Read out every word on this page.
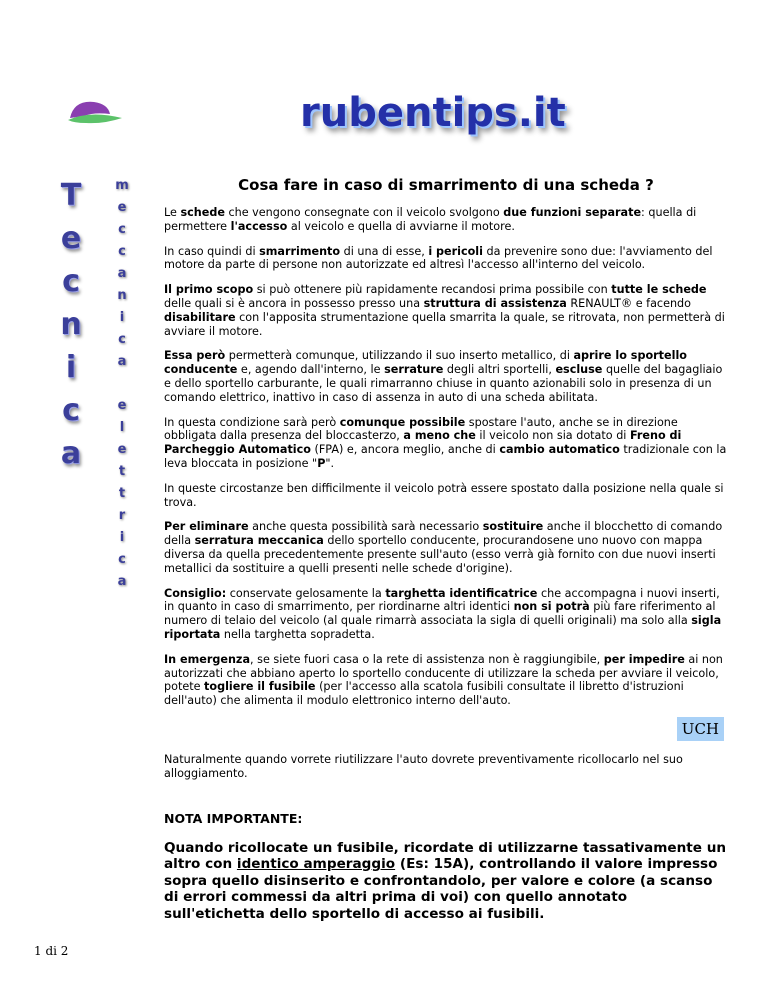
rubentips.it
T
e
c
n
i
c
a
m
e
c
c
a
n
i
c
a

e
l
e
t
t
r
i
c
a
Cosa fare in caso di smarrimento di una scheda ?

Le schede che vengono consegnate con il veicolo svolgono due funzioni separate: quella di permettere l'accesso al veicolo e quella di avviarne il motore.

In caso quindi di smarrimento di una di esse, i pericoli da prevenire sono due: l'avviamento del motore da parte di persone non autorizzate ed altresì l'accesso all'interno del veicolo.

Il primo scopo si può ottenere più rapidamente recandosi prima possibile con tutte le schede delle quali si è ancora in possesso presso una struttura di assistenza RENAULT® e facendo disabilitare con l'apposita strumentazione quella smarrita la quale, se ritrovata, non permetterà di avviare il motore.

Essa però permetterà comunque, utilizzando il suo inserto metallico, di aprire lo sportello conducente e, agendo dall'interno, le serrature degli altri sportelli, escluse quelle del bagagliaio e dello sportello carburante, le quali rimarranno chiuse in quanto azionabili solo in presenza di un comando elettrico, inattivo in caso di assenza in auto di una scheda abilitata.

In questa condizione sarà però comunque possibile spostare l'auto, anche se in direzione obbligata dalla presenza del bloccasterzo, a meno che il veicolo non sia dotato di Freno di Parcheggio Automatico (FPA) e, ancora meglio, anche di cambio automatico tradizionale con la leva bloccata in posizione "P".

In queste circostanze ben difficilmente il veicolo potrà essere spostato dalla posizione nella quale si trova.

Per eliminare anche questa possibilità sarà necessario sostituire anche il blocchetto di comando della serratura meccanica dello sportello conducente, procurandosene uno nuovo con mappa diversa da quella precedentemente presente sull'auto (esso verrà già fornito con due nuovi inserti metallici da sostituire a quelli presenti nelle schede d'origine).

Consiglio: conservate gelosamente la targhetta identificatrice che accompagna i nuovi inserti, in quanto in caso di smarrimento, per riordinarne altri identici non si potrà più fare riferimento al numero di telaio del veicolo (al quale rimarrà associata la sigla di quelli originali) ma solo alla sigla riportata nella targhetta sopradetta.

In emergenza, se siete fuori casa o la rete di assistenza non è raggiungibile, per impedire ai non autorizzati che abbiano aperto lo sportello conducente di utilizzare la scheda per avviare il veicolo, potete togliere il fusibile (per l'accesso alla scatola fusibili consultate il libretto d'istruzioni dell'auto) che alimenta il modulo elettronico interno dell'auto.

UCH

Naturalmente quando vorrete riutilizzare l'auto dovrete preventivamente ricollocarlo nel suo alloggiamento.

NOTA IMPORTANTE:
Quando ricollocate un fusibile, ricordate di utilizzarne tassativamente un altro con identico amperaggio (Es: 15A), controllando il valore impresso sopra quello disinserito e confrontandolo, per valore e colore (a scanso di errori commessi da altri prima di voi) con quello annotato sull'etichetta dello sportello di accesso ai fusibili.
1 di 2
